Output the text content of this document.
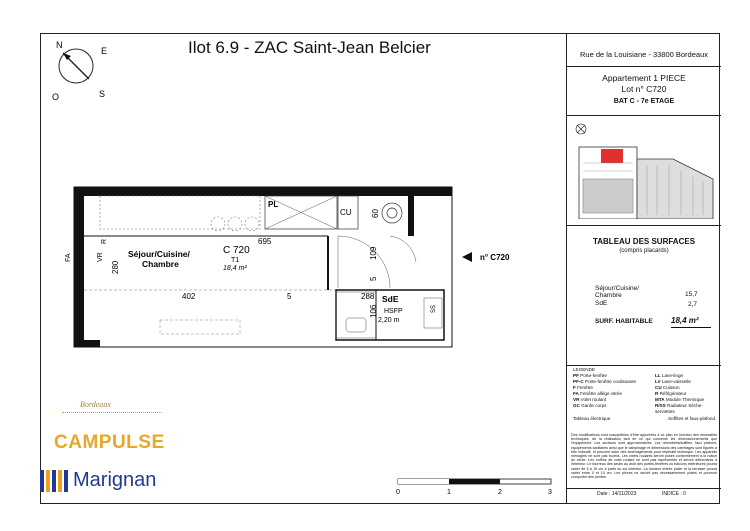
Ilot 6.9 - ZAC Saint-Jean Belcier
N
E
S
O
FA	VR
R
280
Séjour/Cuisine/
Chambre
C 720
T1
18,4 m²
695
402	5	288
109
5
106
60
PL
CU
SS
SdE
HSFP
2,20 m
n° C720
Bordeaux
CAMPULSE
Marignan
0	1	2	3
Rue de la Louisiane - 33800 Bordeaux
Appartement 1 PIECE
Lot n° C720
BAT C - 7e ETAGE
TABLEAU DES SURFACES
(compris placards)
Séjour/Cuisine/
Chambre	15,7
SdE	2,7
SURF. HABITABLE 18,4 m²
LEGENDE
PF Porte-fenêtre
PF-C Porte-fenêtre coulissante
F Fenêtre
FA Fenêtre allège vitrée
VR Volet roulant
GC Garde corps
LL Lave-linge
LV Lave-vaisselle
CU Cuisson
R Réfrigérateur
MTA Module Thermique
R/SS Radiateur Sèche-serviettes
Tableau électrique	Soffites et faux-plafond
Des modifications sont susceptibles d'être apportées à ce plan en fonction des nécessités techniques, de la réalisation tant en ce qui concerne les dimensionnements que l'équipement. Les surfaces sont approximatives. Les retombées/soffites, faux plafond, équipements sanitaires ainsi que le calepinage et dimensions des carrelages sont figurés à titre indicatif, et peuvent subir des aménagements pour impératif technique. Les appareils ménagers ne sont pas fournis. Les volets roulants seront posés conformément à la notice du vente. Les coffres de volet roulant ne sont pas représentés et seront débordants à l'intérieur. Le fourreau des seuils au droit des portes-fenêtres ou balcons extérieures pourra varier de 5 à 15 cm à partir du sol intérieur. La hauteur entrée palier et la terrasse pourra varier entre 0 et 10 cm. Les pièces ne seront pas nécessairement plates et pourront comporter des pentes.
Date : 14/11/2023	INDICE : 0
